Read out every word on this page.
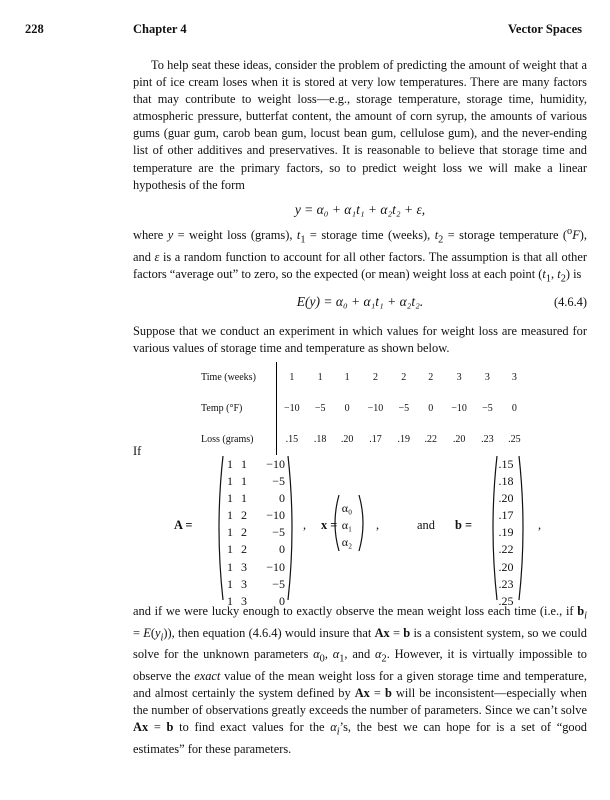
228	Chapter 4	Vector Spaces
To help seat these ideas, consider the problem of predicting the amount of weight that a pint of ice cream loses when it is stored at very low temperatures. There are many factors that may contribute to weight loss—e.g., storage temperature, storage time, humidity, atmospheric pressure, butterfat content, the amount of corn syrup, the amounts of various gums (guar gum, carob bean gum, locust bean gum, cellulose gum), and the never-ending list of other additives and preservatives. It is reasonable to believe that storage time and temperature are the primary factors, so to predict weight loss we will make a linear hypothesis of the form
y = α₀ + α₁t₁ + α₂t₂ + ε,
where y = weight loss (grams), $t_1$ = storage time (weeks), $t_2$ = storage temperature ($^o$F), and ε is a random function to account for all other factors. The assumption is that all other factors “average out” to zero, so the expected (or mean) weight loss at each point ($t_1$, $t_2$) is
E(y) = α₀ + α₁t₁ + α₂t₂.	(4.6.4)
Suppose that we conduct an experiment in which values for weight loss are measured for various values of storage time and temperature as shown below.
Time (weeks)	1	1	1	2	2	2	3	3	3
Temp (°F)	−10	−5	0	−10	−5	0	−10	−5	0
Loss (grams)	.15	.18	.20	.17	.19	.22	.20	.23	.25
If
A =
1 1	−10
1 1	−5
1 1	0
1 2	−10
1 2	−5
1 2	0
1 3	−10
1 3	−5
1 3	0
, x =
α₀
α₁
α₂
,	and b =
.15
.18
.20
.17
.19
.22
.20
.23
.25
,
and if we were lucky enough to exactly observe the mean weight loss each time (i.e., if $b_i = E(y_i)$), then equation (4.6.4) would insure that Ax = b is a consistent system, so we could solve for the unknown parameters $\alpha_0$, $\alpha_1$, and $\alpha_2$. However, it is virtually impossible to observe the exact value of the mean weight loss for a given storage time and temperature, and almost certainly the system defined by Ax = b will be inconsistent—especially when the number of observations greatly exceeds the number of parameters. Since we can’t solve Ax = b to find exact values for the $\alpha_i’s$, the best we can hope for is a set of “good estimates” for these parameters.
